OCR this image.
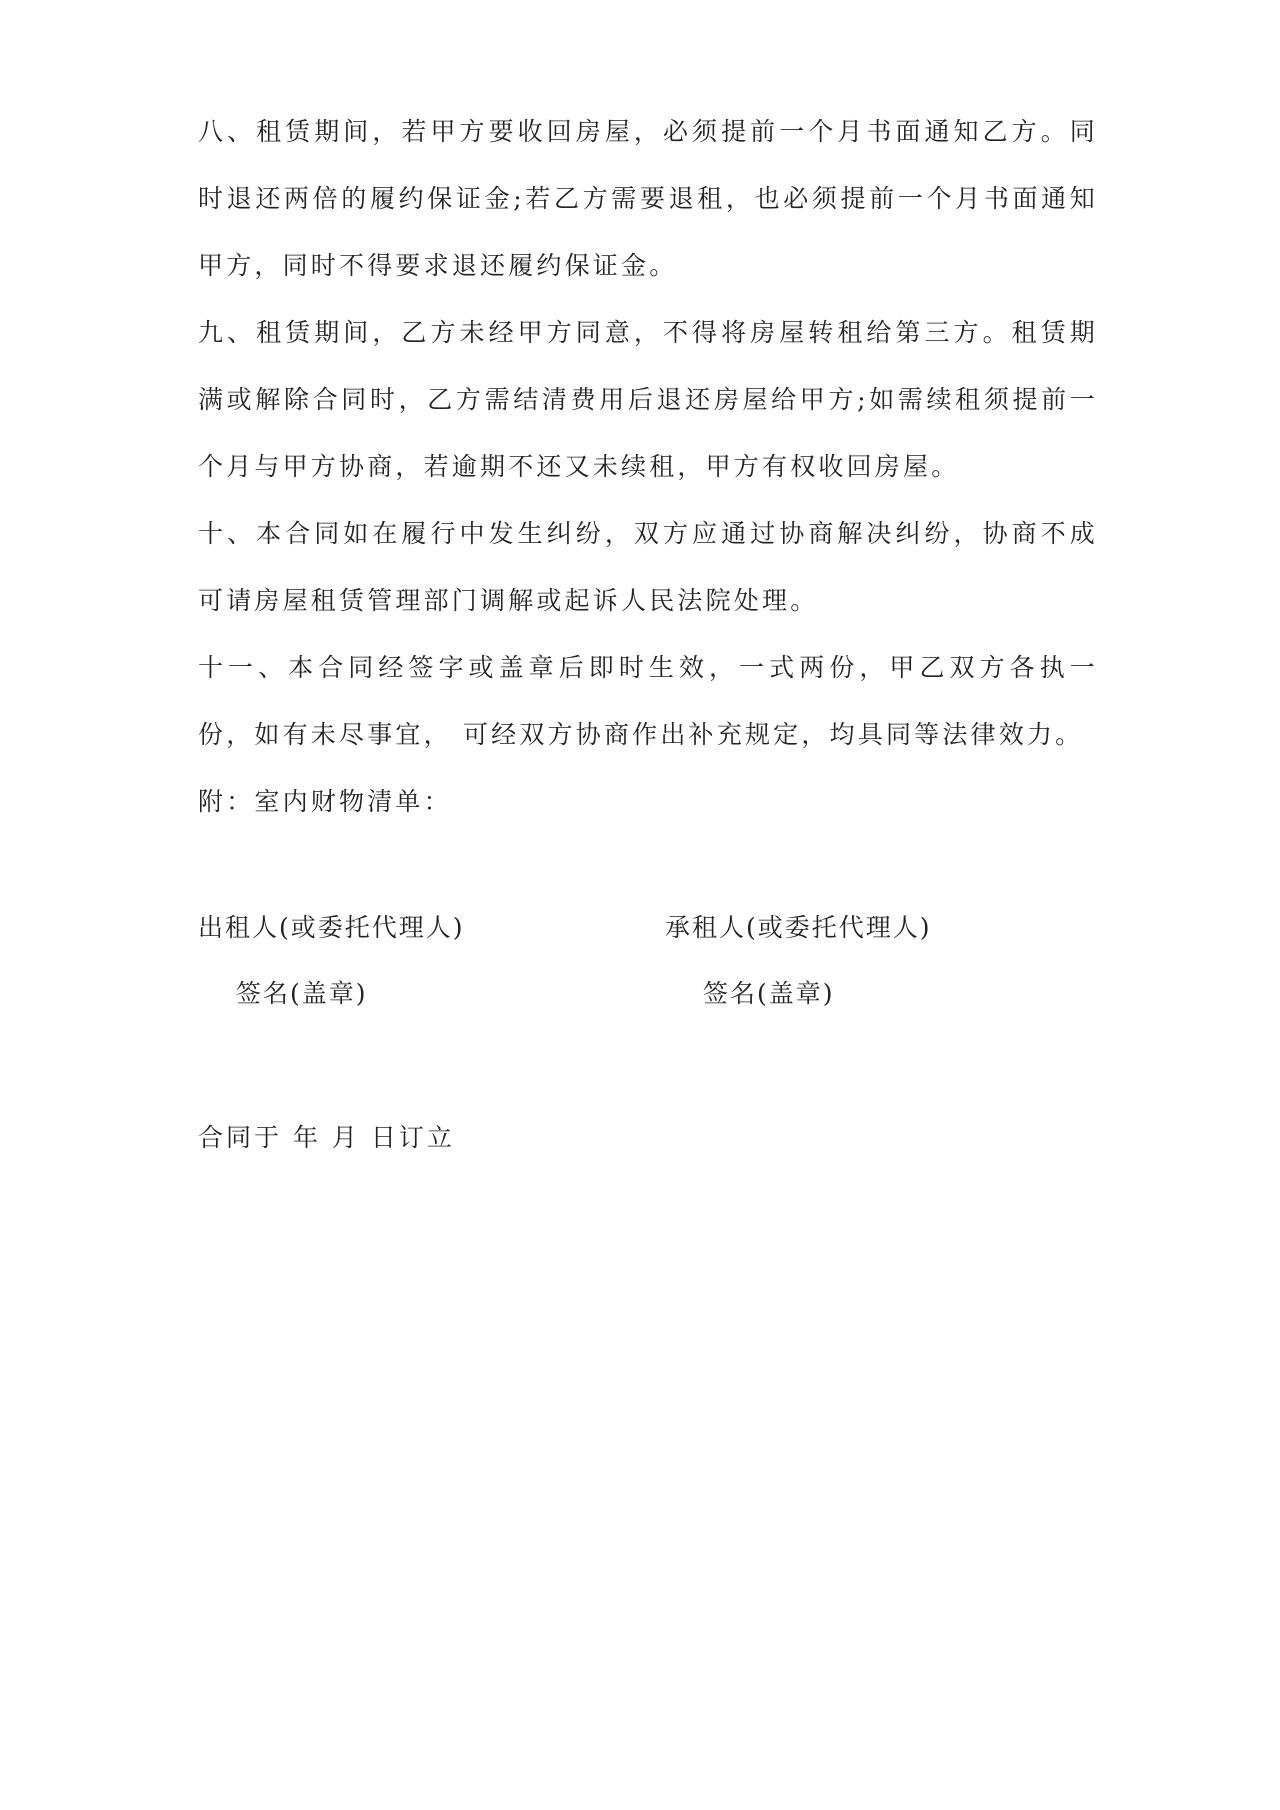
八、租赁期间，若甲方要收回房屋，必须提前一个月书面通知乙方。同时退还两倍的履约保证金;若乙方需要退租，也必须提前一个月书面通知甲方，同时不得要求退还履约保证金。

九、租赁期间，乙方未经甲方同意，不得将房屋转租给第三方。租赁期满或解除合同时，乙方需结清费用后退还房屋给甲方;如需续租须提前一个月与甲方协商，若逾期不还又未续租，甲方有权收回房屋。

十、本合同如在履行中发生纠纷，双方应通过协商解决纠纷，协商不成可请房屋租赁管理部门调解或起诉人民法院处理。

十一、本合同经签字或盖章后即时生效，一式两份，甲乙双方各执一份，如有未尽事宜， 可经双方协商作出补充规定，均具同等法律效力。

附：室内财物清单：

出租人(或委托代理人)
签名(盖章)
承租人(或委托代理人)
签名(盖章)
合同于 年 月 日订立
